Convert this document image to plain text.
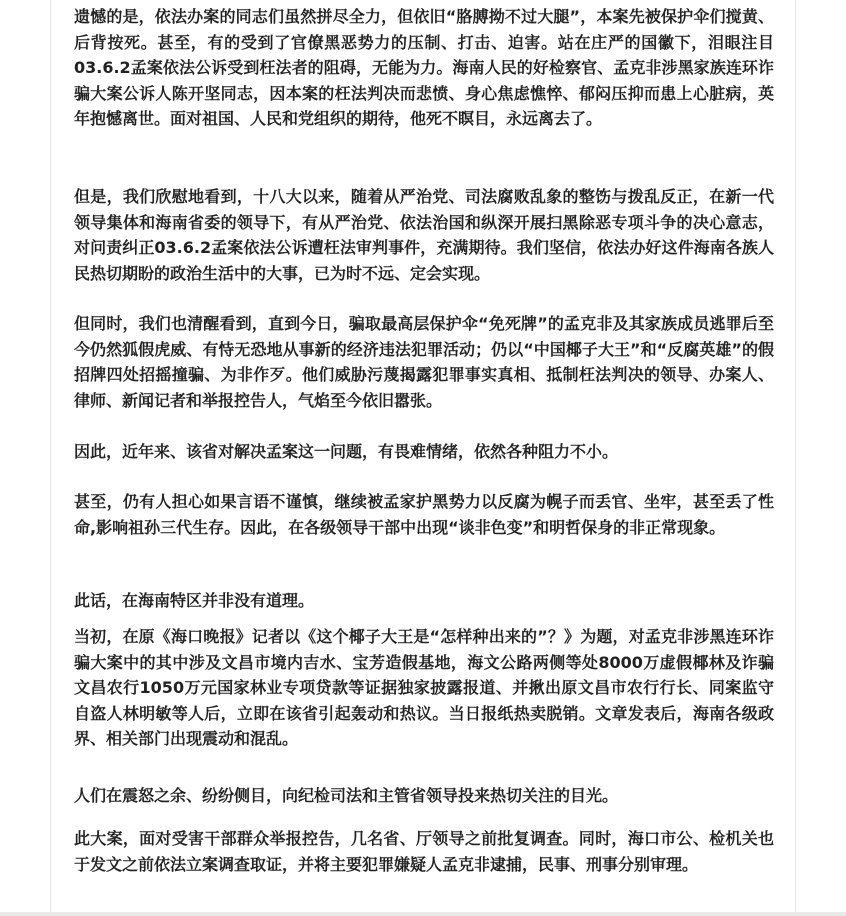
遗憾的是，依法办案的同志们虽然拼尽全力，但依旧“胳膊拗不过大腿”，本案先被保护伞们搅黄、后背按死。甚至，有的受到了官僚黑恶势力的压制、打击、迫害。站在庄严的国徽下，泪眼注目03.6.2孟案依法公诉受到枉法者的阻碍，无能为力。海南人民的好检察官、孟克非涉黑家族连环诈骗大案公诉人陈开坚同志，因本案的枉法判决而悲愤、身心焦虑憔悴、郁闷压抑而患上心脏病，英年抱憾离世。面对祖国、人民和党组织的期待，他死不瞑目，永远离去了。

但是，我们欣慰地看到，十八大以来，随着从严治党、司法腐败乱象的整饬与拨乱反正，在新一代领导集体和海南省委的领导下，有从严治党、依法治国和纵深开展扫黑除恶专项斗争的决心意志，对问责纠正03.6.2孟案依法公诉遭枉法审判事件，充满期待。我们坚信，依法办好这件海南各族人民热切期盼的政治生活中的大事，已为时不远、定会实现。

但同时，我们也清醒看到，直到今日，骗取最高层保护伞“免死牌”的孟克非及其家族成员逃罪后至今仍然狐假虎威、有恃无恐地从事新的经济违法犯罪活动；仍以“中国椰子大王”和“反腐英雄”的假招牌四处招摇撞骗、为非作歹。他们威胁污蔑揭露犯罪事实真相、抵制枉法判决的领导、办案人、律师、新闻记者和举报控告人，气焰至今依旧嚣张。

因此，近年来、该省对解决孟案这一问题，有畏难情绪，依然各种阻力不小。

甚至，仍有人担心如果言语不谨慎，继续被孟家护黑势力以反腐为幌子而丢官、坐牢，甚至丢了性命,影响祖孙三代生存。因此，在各级领导干部中出现“谈非色变”和明哲保身的非正常现象。

此话，在海南特区并非没有道理。

当初，在原《海口晚报》记者以《这个椰子大王是“怎样种出来的”？》为题，对孟克非涉黑连环诈骗大案中的其中涉及文昌市境内吉水、宝芳造假基地，海文公路两侧等处8000万虚假椰林及诈骗文昌农行1050万元国家林业专项贷款等证据独家披露报道、并揪出原文昌市农行行长、同案监守自盗人林明敏等人后，立即在该省引起轰动和热议。当日报纸热卖脱销。文章发表后，海南各级政界、相关部门出现震动和混乱。

人们在震怒之余、纷纷侧目，向纪检司法和主管省领导投来热切关注的目光。

此大案，面对受害干部群众举报控告，几名省、厅领导之前批复调查。同时，海口市公、检机关也于发文之前依法立案调查取证，并将主要犯罪嫌疑人孟克非逮捕，民事、刑事分别审理。
